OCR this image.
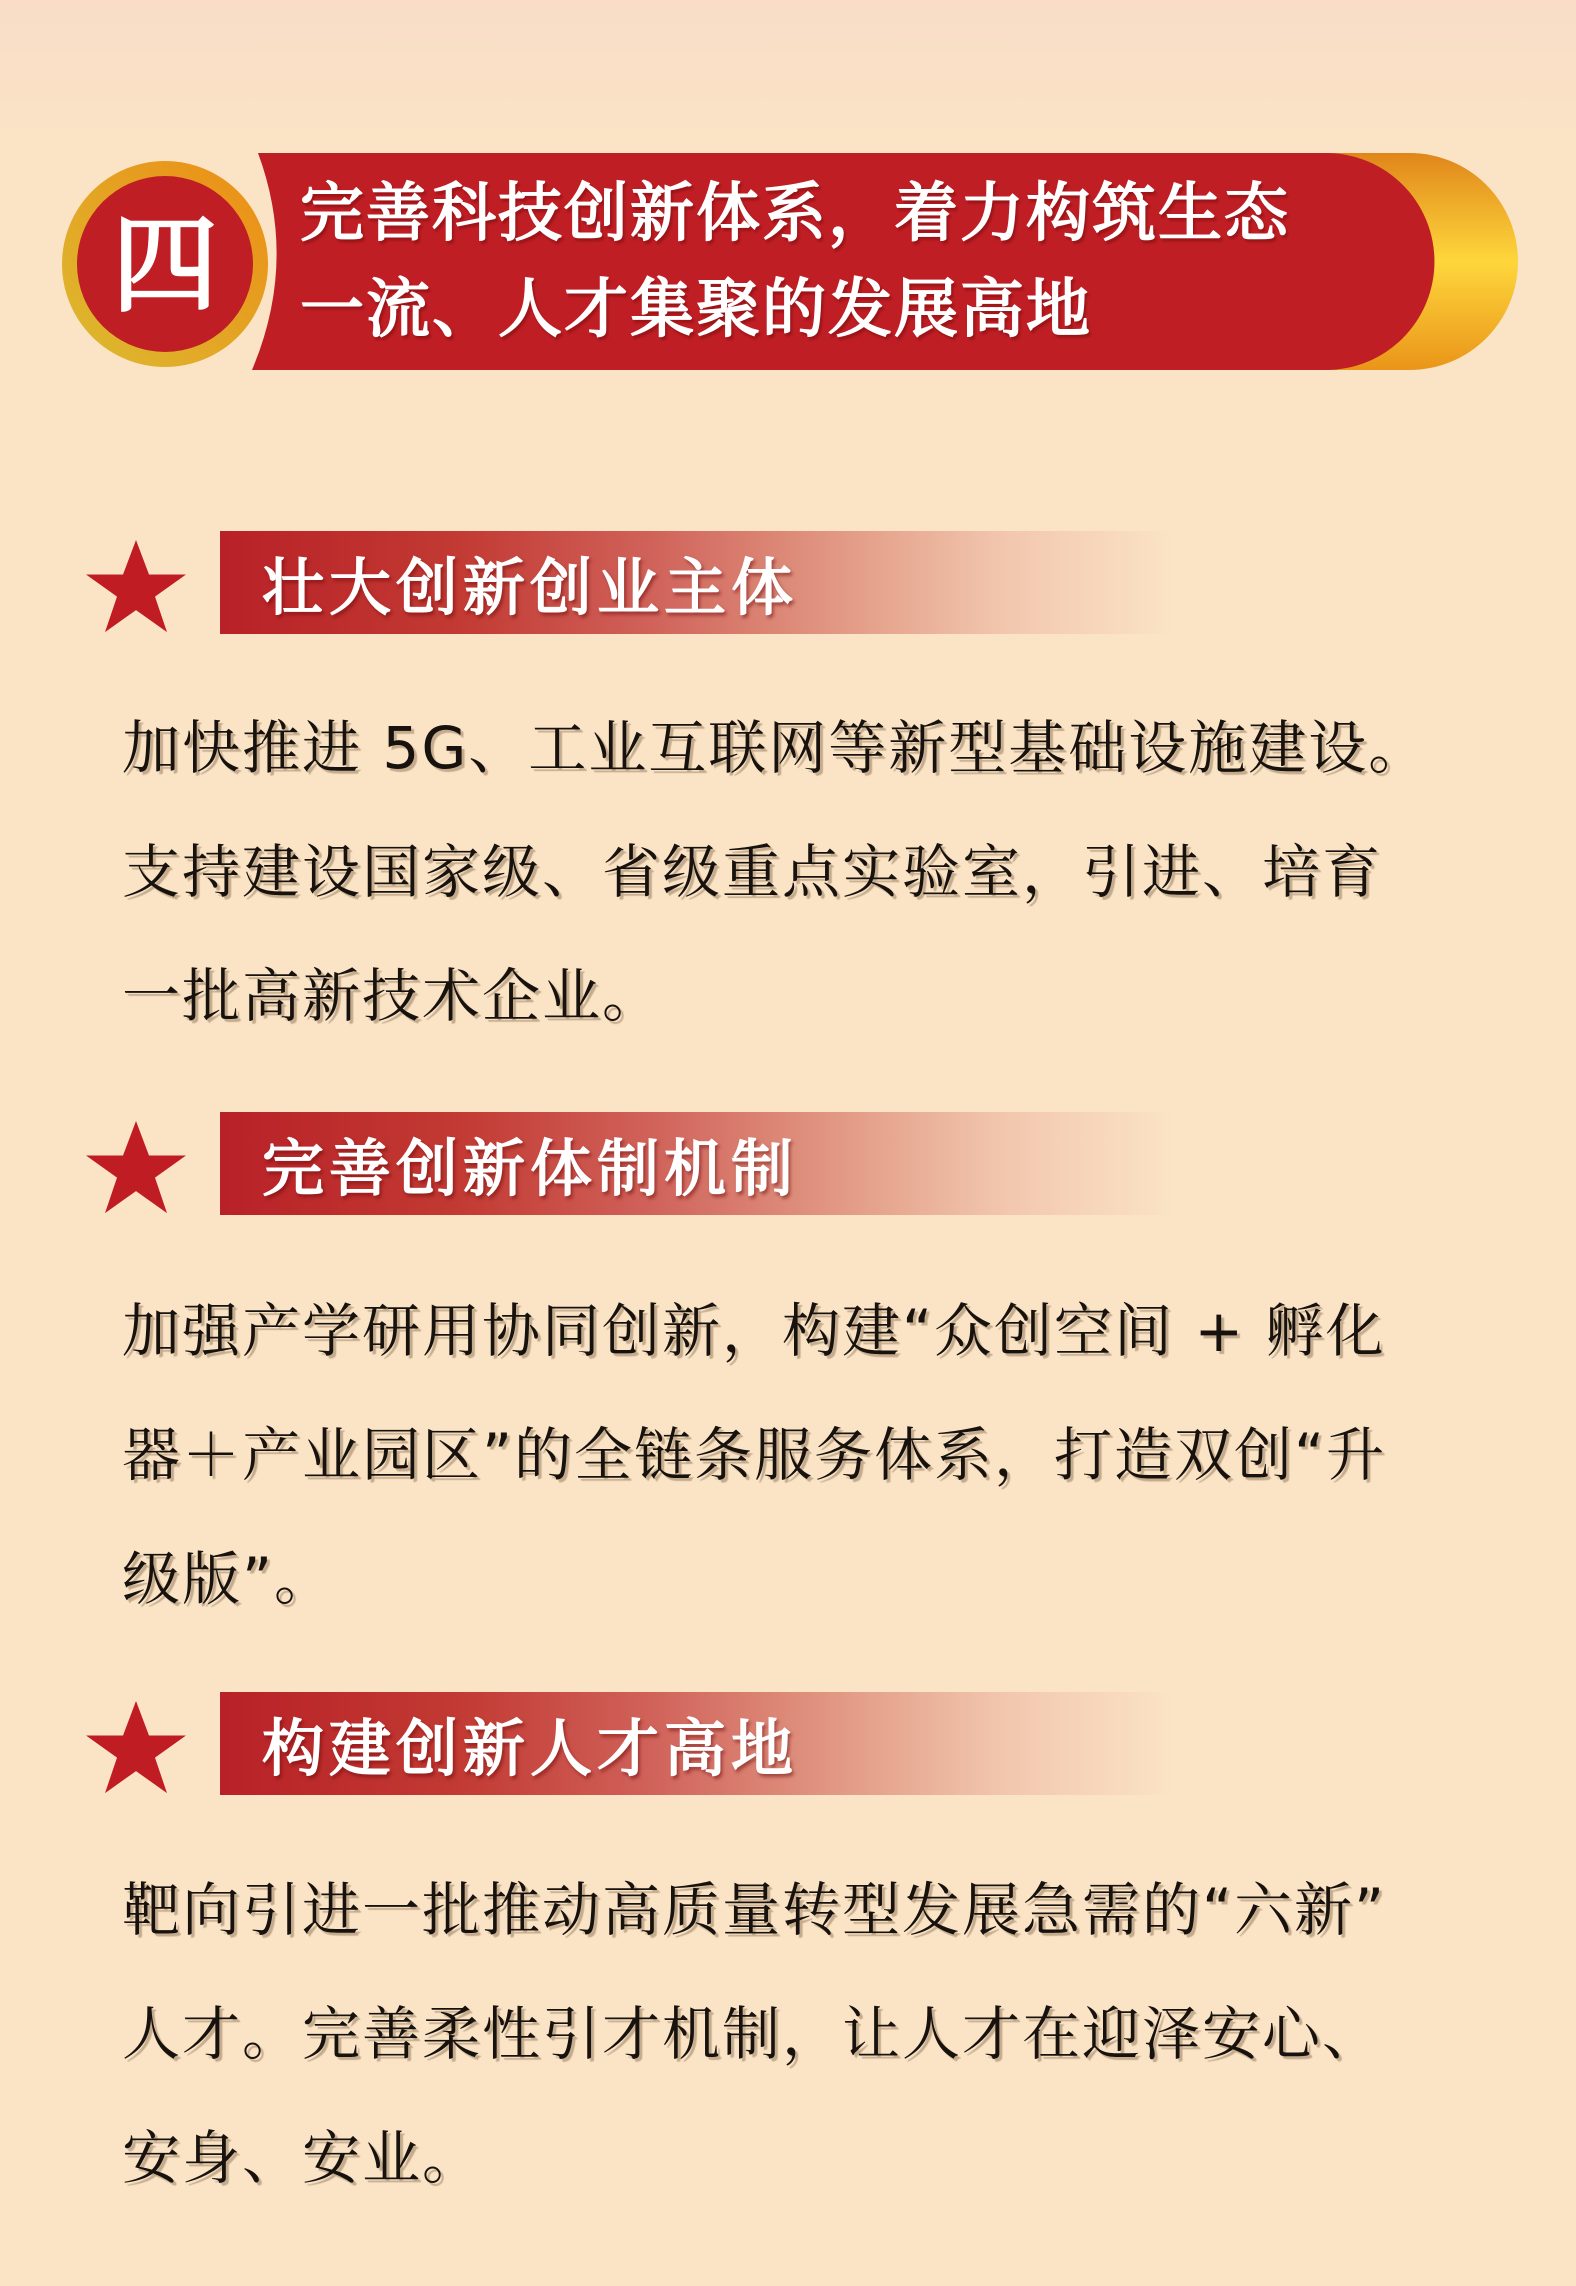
四 完善科技创新体系，着力构筑生态
一流、人才集聚的发展高地
壮大创新创业主体
加快推进 5G、工业互联网等新型基础设施建设。
支持建设国家级、省级重点实验室，引进、培育
一批高新技术企业。
完善创新体制机制
加强产学研用协同创新，构建“众创空间 + 孵化
器＋产业园区”的全链条服务体系，打造双创“升
级版”。
构建创新人才高地
靶向引进一批推动高质量转型发展急需的“六新”
人才。完善柔性引才机制，让人才在迎泽安心、
安身、安业。
